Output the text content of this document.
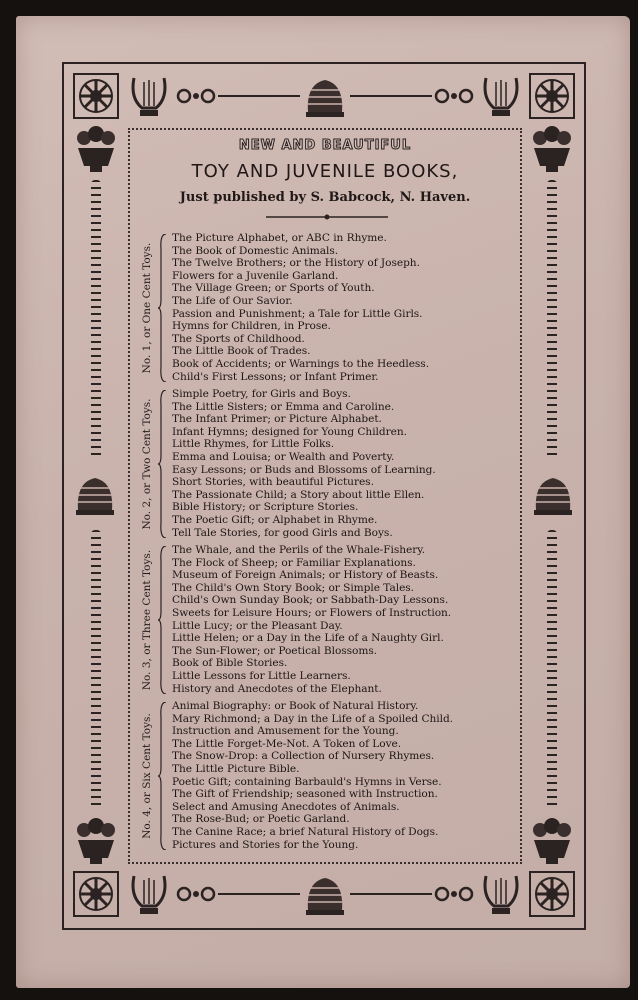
NEW AND BEAUTIFUL
TOY AND JUVENILE BOOKS,
Just published by S. Babcock, N. Haven.
No. 1, or One Cent Toys.
The Picture Alphabet, or ABC in Rhyme.
The Book of Domestic Animals.
The Twelve Brothers; or the History of Joseph.
Flowers for a Juvenile Garland.
The Village Green; or Sports of Youth.
The Life of Our Savior.
Passion and Punishment; a Tale for Little Girls.
Hymns for Children, in Prose.
The Sports of Childhood.
The Little Book of Trades.
Book of Accidents; or Warnings to the Heedless.
Child's First Lessons; or Infant Primer.
No. 2, or Two Cent Toys.
Simple Poetry, for Girls and Boys.
The Little Sisters; or Emma and Caroline.
The Infant Primer; or Picture Alphabet.
Infant Hymns; designed for Young Children.
Little Rhymes, for Little Folks.
Emma and Louisa; or Wealth and Poverty.
Easy Lessons; or Buds and Blossoms of Learning.
Short Stories, with beautiful Pictures.
The Passionate Child; a Story about little Ellen.
Bible History; or Scripture Stories.
The Poetic Gift; or Alphabet in Rhyme.
Tell Tale Stories, for good Girls and Boys.
No. 3, or Three Cent Toys. The Whale, and the Perils of the Whale-Fishery.
The Flock of Sheep; or Familiar Explanations.
Museum of Foreign Animals; or History of Beasts.
The Child's Own Story Book; or Simple Tales.
Child's Own Sunday Book; or Sabbath-Day Lessons.
Sweets for Leisure Hours; or Flowers of Instruction.
Little Lucy; or the Pleasant Day.
Little Helen; or a Day in the Life of a Naughty Girl.
The Sun-Flower; or Poetical Blossoms.
Book of Bible Stories.
Little Lessons for Little Learners.
History and Anecdotes of the Elephant.
No. 4, or Six Cent Toys.
Animal Biography: or Book of Natural History.
Mary Richmond; a Day in the Life of a Spoiled Child.
Instruction and Amusement for the Young.
The Little Forget-Me-Not. A Token of Love.
The Snow-Drop: a Collection of Nursery Rhymes.
The Little Picture Bible.
Poetic Gift; containing Barbauld's Hymns in Verse.
The Gift of Friendship; seasoned with Instruction.
Select and Amusing Anecdotes of Animals.
The Rose-Bud; or Poetic Garland.
The Canine Race; a brief Natural History of Dogs.
Pictures and Stories for the Young.
